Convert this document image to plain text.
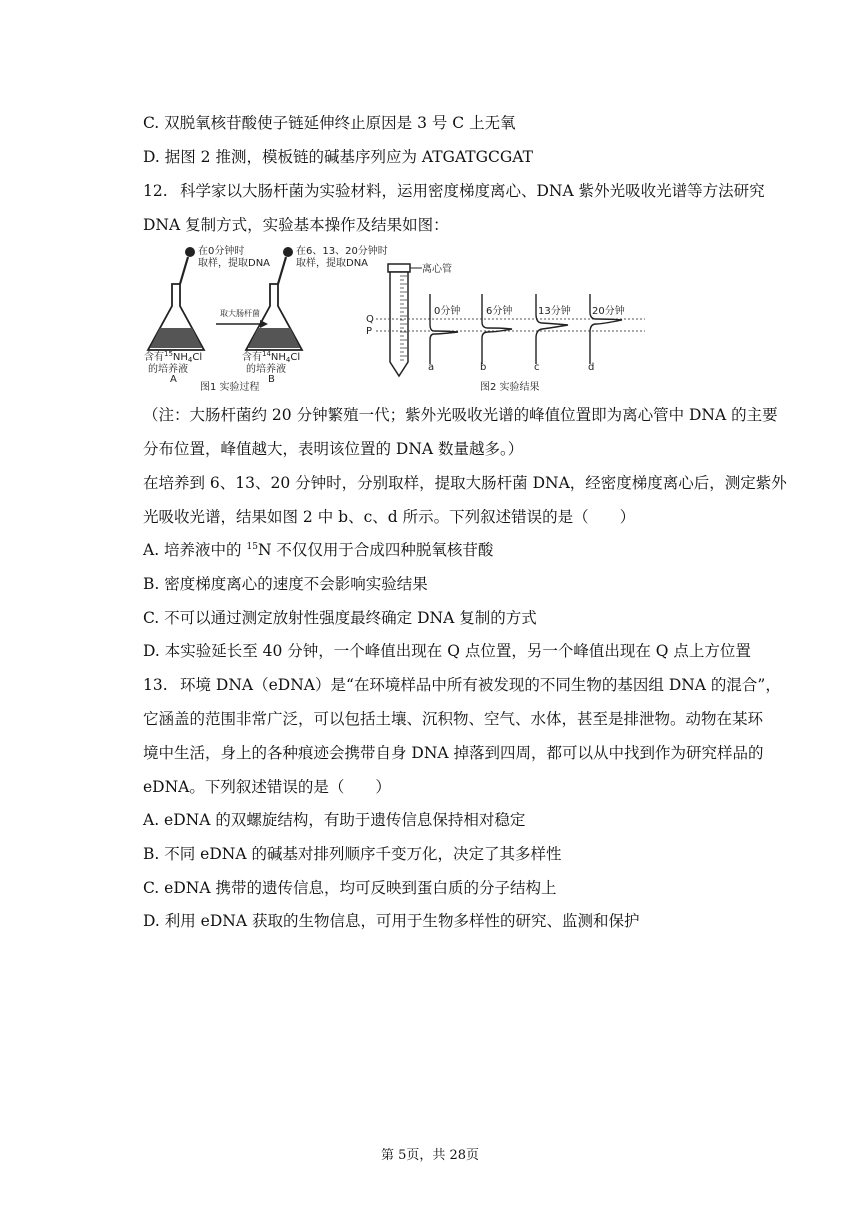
C. 双脱氧核苷酸使子链延伸终止原因是 3 号 C 上无氧
D. 据图 2 推测，模板链的碱基序列应为 ATGATGCGAT
12. 科学家以大肠杆菌为实验材料，运用密度梯度离心、DNA 紫外光吸收光谱等方法研究
DNA 复制方式，实验基本操作及结果如图：
在0分钟时
取样，提取DNA
含有$^{15}NH_4Cl$
的培养液
A
取大肠杆菌
在6、13、20分钟时
取样，提取DNA
含有$^{14}NH_4Cl$
的培养液
B
图1 实验过程
离心管
Q
P
a
0分钟
b
6分钟
c
13分钟
d
20分钟
图2 实验结果
（注：大肠杆菌约 20 分钟繁殖一代；紫外光吸收光谱的峰值位置即为离心管中 DNA 的主要
分布位置，峰值越大，表明该位置的 DNA 数量越多。）
在培养到 6、13、20 分钟时，分别取样，提取大肠杆菌 DNA，经密度梯度离心后，测定紫外
光吸收光谱，结果如图 2 中 b、c、d 所示。下列叙述错误的是（　　）
A. 培养液中的 $^{15}$N 不仅仅用于合成四种脱氧核苷酸
B. 密度梯度离心的速度不会影响实验结果
C. 不可以通过测定放射性强度最终确定 DNA 复制的方式
D. 本实验延长至 40 分钟，一个峰值出现在 Q 点位置，另一个峰值出现在 Q 点上方位置
13. 环境 DNA（eDNA）是“在环境样品中所有被发现的不同生物的基因组 DNA 的混合”，
它涵盖的范围非常广泛，可以包括土壤、沉积物、空气、水体，甚至是排泄物。动物在某环
境中生活，身上的各种痕迹会携带自身 DNA 掉落到四周，都可以从中找到作为研究样品的
eDNA。下列叙述错误的是（　　）
A. eDNA 的双螺旋结构，有助于遗传信息保持相对稳定
B. 不同 eDNA 的碱基对排列顺序千变万化，决定了其多样性
C. eDNA 携带的遗传信息，均可反映到蛋白质的分子结构上
D. 利用 eDNA 获取的生物信息，可用于生物多样性的研究、监测和保护
第 5页，共 28页
